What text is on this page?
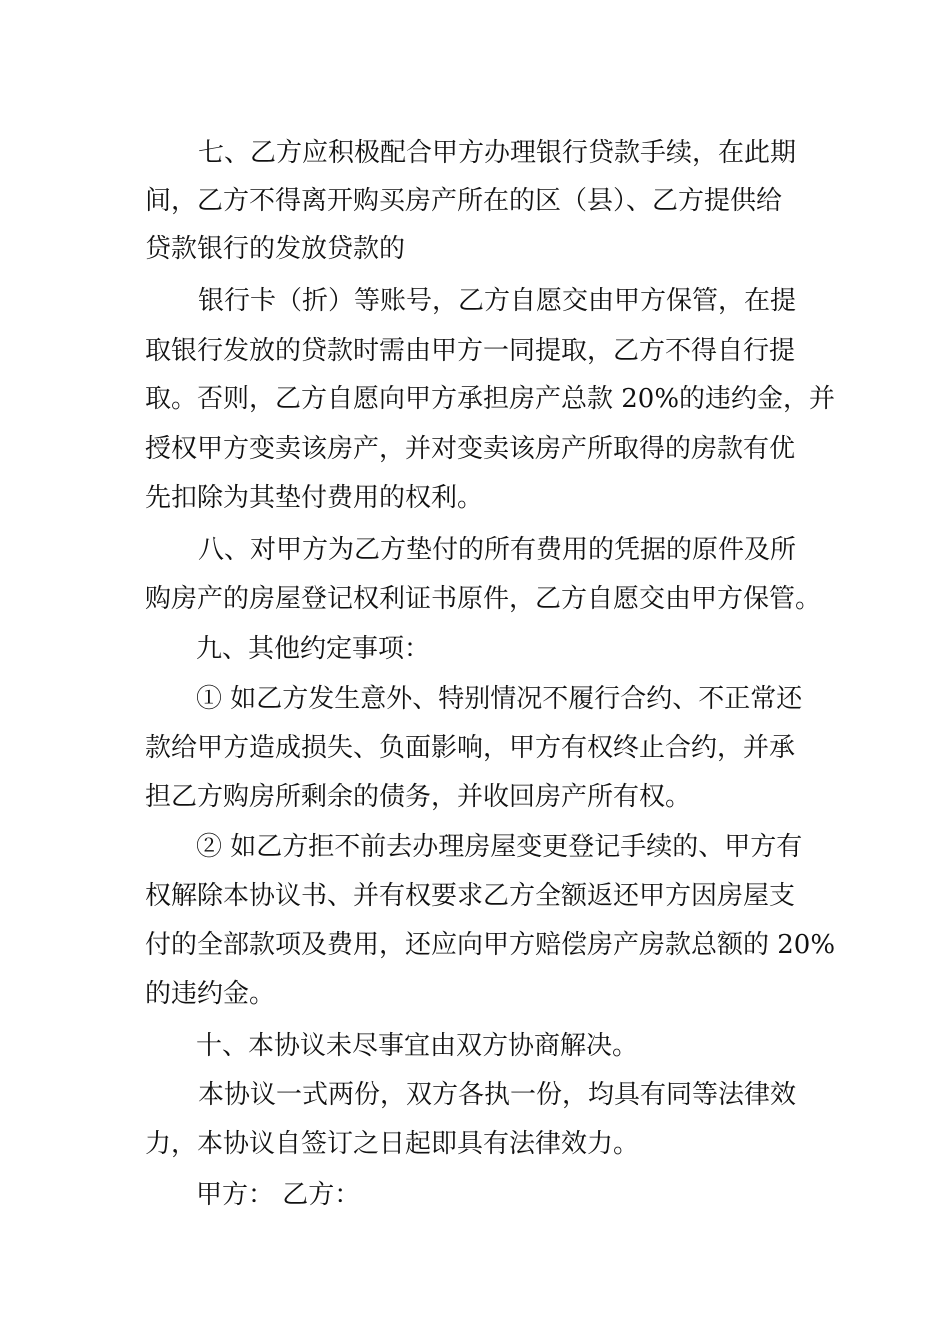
七、乙方应积极配合甲方办理银行贷款手续，在此期
间，乙方不得离开购买房产所在的区（县）、乙方提供给
贷款银行的发放贷款的
银行卡（折）等账号，乙方自愿交由甲方保管，在提
取银行发放的贷款时需由甲方一同提取，乙方不得自行提
取。否则，乙方自愿向甲方承担房产总款 20%的违约金，并
授权甲方变卖该房产，并对变卖该房产所取得的房款有优
先扣除为其垫付费用的权利。
八、对甲方为乙方垫付的所有费用的凭据的原件及所
购房产的房屋登记权利证书原件，乙方自愿交由甲方保管。
九、其他约定事项：
① 如乙方发生意外、特别情况不履行合约、不正常还
款给甲方造成损失、负面影响，甲方有权终止合约，并承
担乙方购房所剩余的债务，并收回房产所有权。
② 如乙方拒不前去办理房屋变更登记手续的、甲方有
权解除本协议书、并有权要求乙方全额返还甲方因房屋支
付的全部款项及费用，还应向甲方赔偿房产房款总额的 20%
的违约金。
十、本协议未尽事宜由双方协商解决。
本协议一式两份，双方各执一份，均具有同等法律效
力，本协议自签订之日起即具有法律效力。
甲方： 乙方：
